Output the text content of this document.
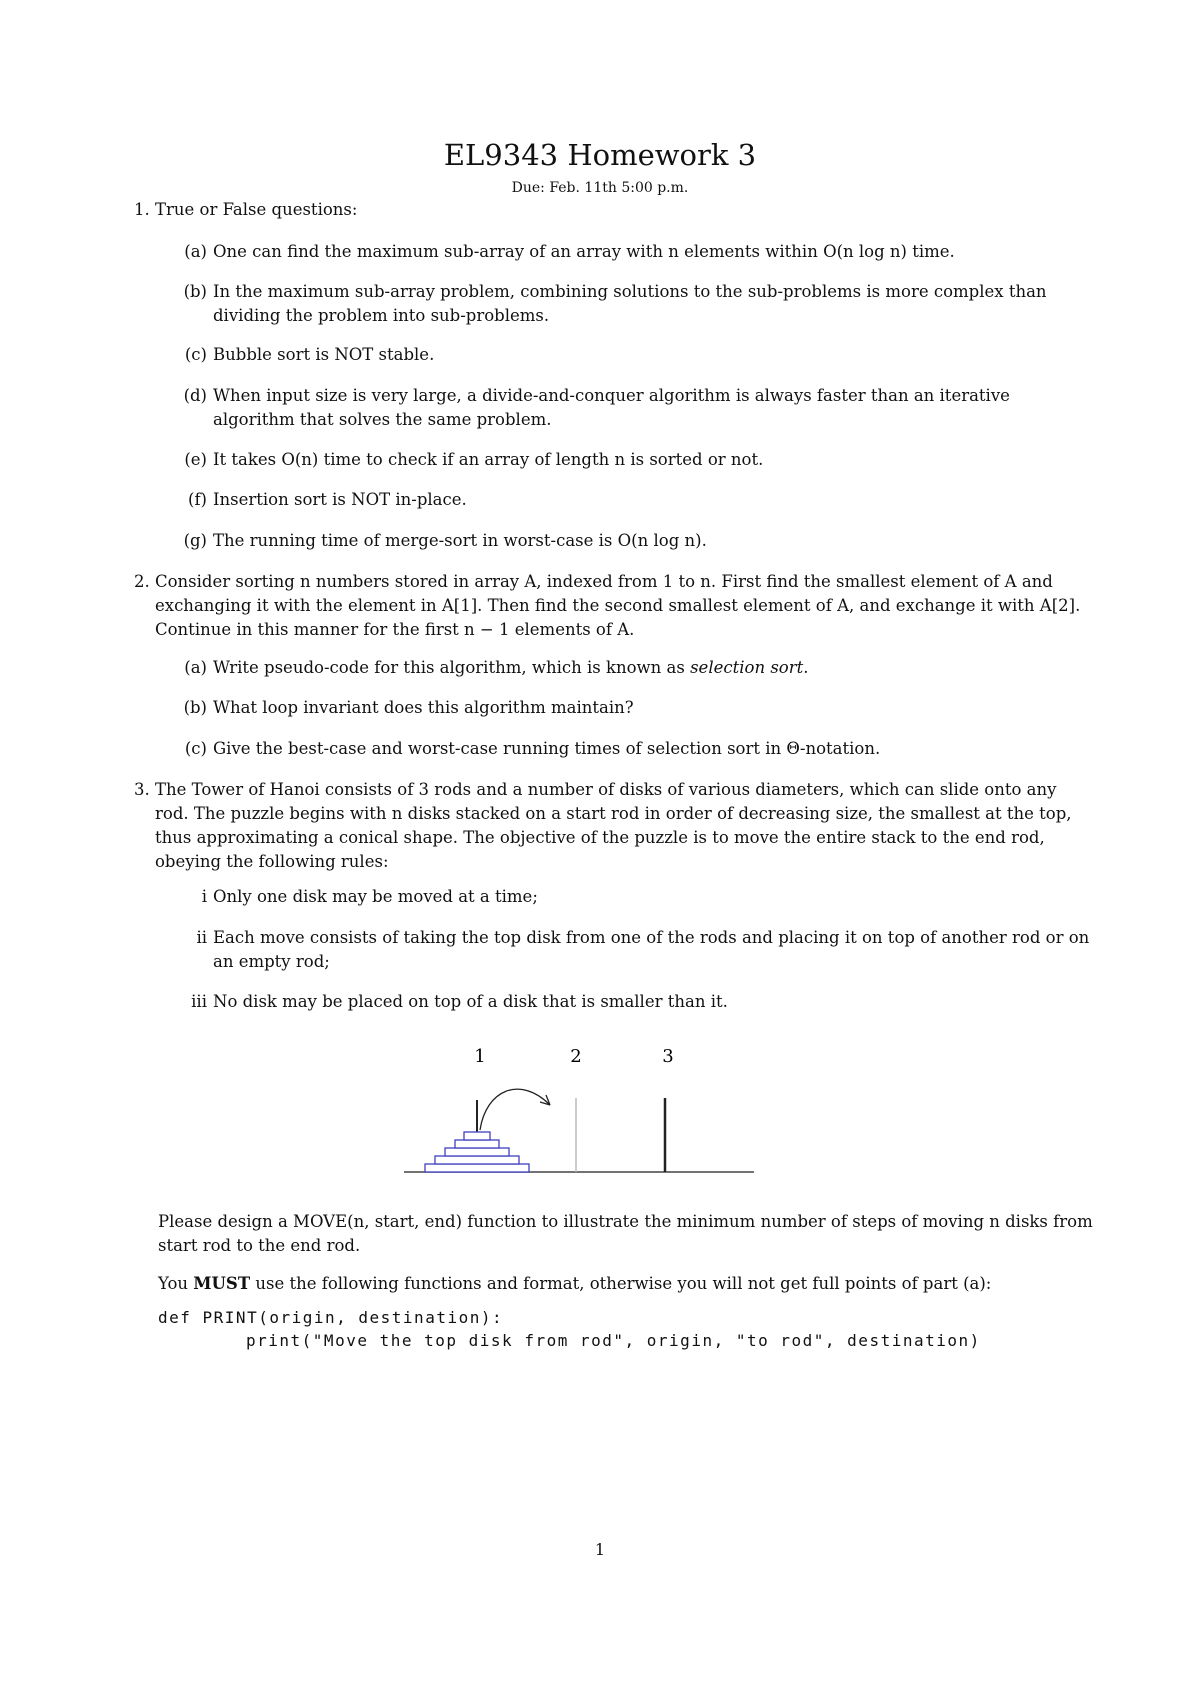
EL9343 Homework 3
Due: Feb. 11th 5:00 p.m.
1. True or False questions:
(a) One can find the maximum sub-array of an array with n elements within O(n log n) time.
(b) In the maximum sub-array problem, combining solutions to the sub-problems is more complex than dividing the problem into sub-problems.
(c) Bubble sort is NOT stable.
(d) When input size is very large, a divide-and-conquer algorithm is always faster than an iterative algorithm that solves the same problem.
(e) It takes O(n) time to check if an array of length n is sorted or not.
(f) Insertion sort is NOT in-place.
(g) The running time of merge-sort in worst-case is O(n log n).
2. Consider sorting n numbers stored in array A, indexed from 1 to n. First find the smallest element of A and exchanging it with the element in A[1]. Then find the second smallest element of A, and exchange it with A[2]. Continue in this manner for the first n − 1 elements of A.
(a) Write pseudo-code for this algorithm, which is known as selection sort.
(b) What loop invariant does this algorithm maintain?
(c) Give the best-case and worst-case running times of selection sort in Θ-notation.
3. The Tower of Hanoi consists of 3 rods and a number of disks of various diameters, which can slide onto any rod. The puzzle begins with n disks stacked on a start rod in order of decreasing size, the smallest at the top, thus approximating a conical shape. The objective of the puzzle is to move the entire stack to the end rod, obeying the following rules:
i Only one disk may be moved at a time;
ii Each move consists of taking the top disk from one of the rods and placing it on top of another rod or on an empty rod;
iii No disk may be placed on top of a disk that is smaller than it.
1	2	3
Please design a MOVE(n, start, end) function to illustrate the minimum number of steps of moving n disks from start rod to the end rod.
You MUST use the following functions and format, otherwise you will not get full points of part (a):
def PRINT(origin, destination):
print("Move the top disk from rod", origin, "to rod", destination)
1
